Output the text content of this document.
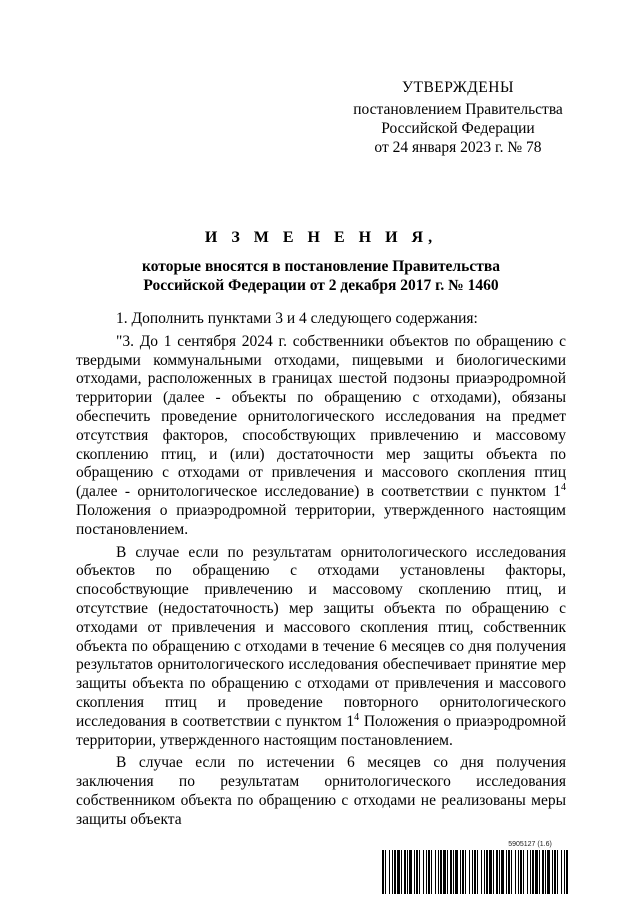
УТВЕРЖДЕНЫ
постановлением Правительства
Российской Федерации
от 24 января 2023 г. № 78
И З М Е Н Е Н И Я,
которые вносятся в постановление Правительства
Российской Федерации от 2 декабря 2017 г. № 1460

1. Дополнить пунктами 3 и 4 следующего содержания:

"3. До 1 сентября 2024 г. собственники объектов по обращению с твердыми коммунальными отходами, пищевыми и биологическими отходами, расположенных в границах шестой подзоны приаэродромной территории (далее - объекты по обращению с отходами), обязаны обеспечить проведение орнитологического исследования на предмет отсутствия факторов, способствующих привлечению и массовому скоплению птиц, и (или) достаточности мер защиты объекта по обращению с отходами от привлечения и массового скопления птиц (далее - орнитологическое исследование) в соответствии с пунктом $1^4$ Положения о приаэродромной территории, утвержденного настоящим постановлением.

В случае если по результатам орнитологического исследования объектов по обращению с отходами установлены факторы, способствующие привлечению и массовому скоплению птиц, и отсутствие (недостаточность) мер защиты объекта по обращению с отходами от привлечения и массового скопления птиц, собственник объекта по обращению с отходами в течение 6 месяцев со дня получения результатов орнитологического исследования обеспечивает принятие мер защиты объекта по обращению с отходами от привлечения и массового скопления птиц и проведение повторного орнитологического исследования в соответствии с пунктом $1^4$ Положения о приаэродромной территории, утвержденного настоящим постановлением.

В случае если по истечении 6 месяцев со дня получения заключения по результатам орнитологического исследования собственником объекта по обращению с отходами не реализованы меры защиты объекта

5905127 (1.6)
